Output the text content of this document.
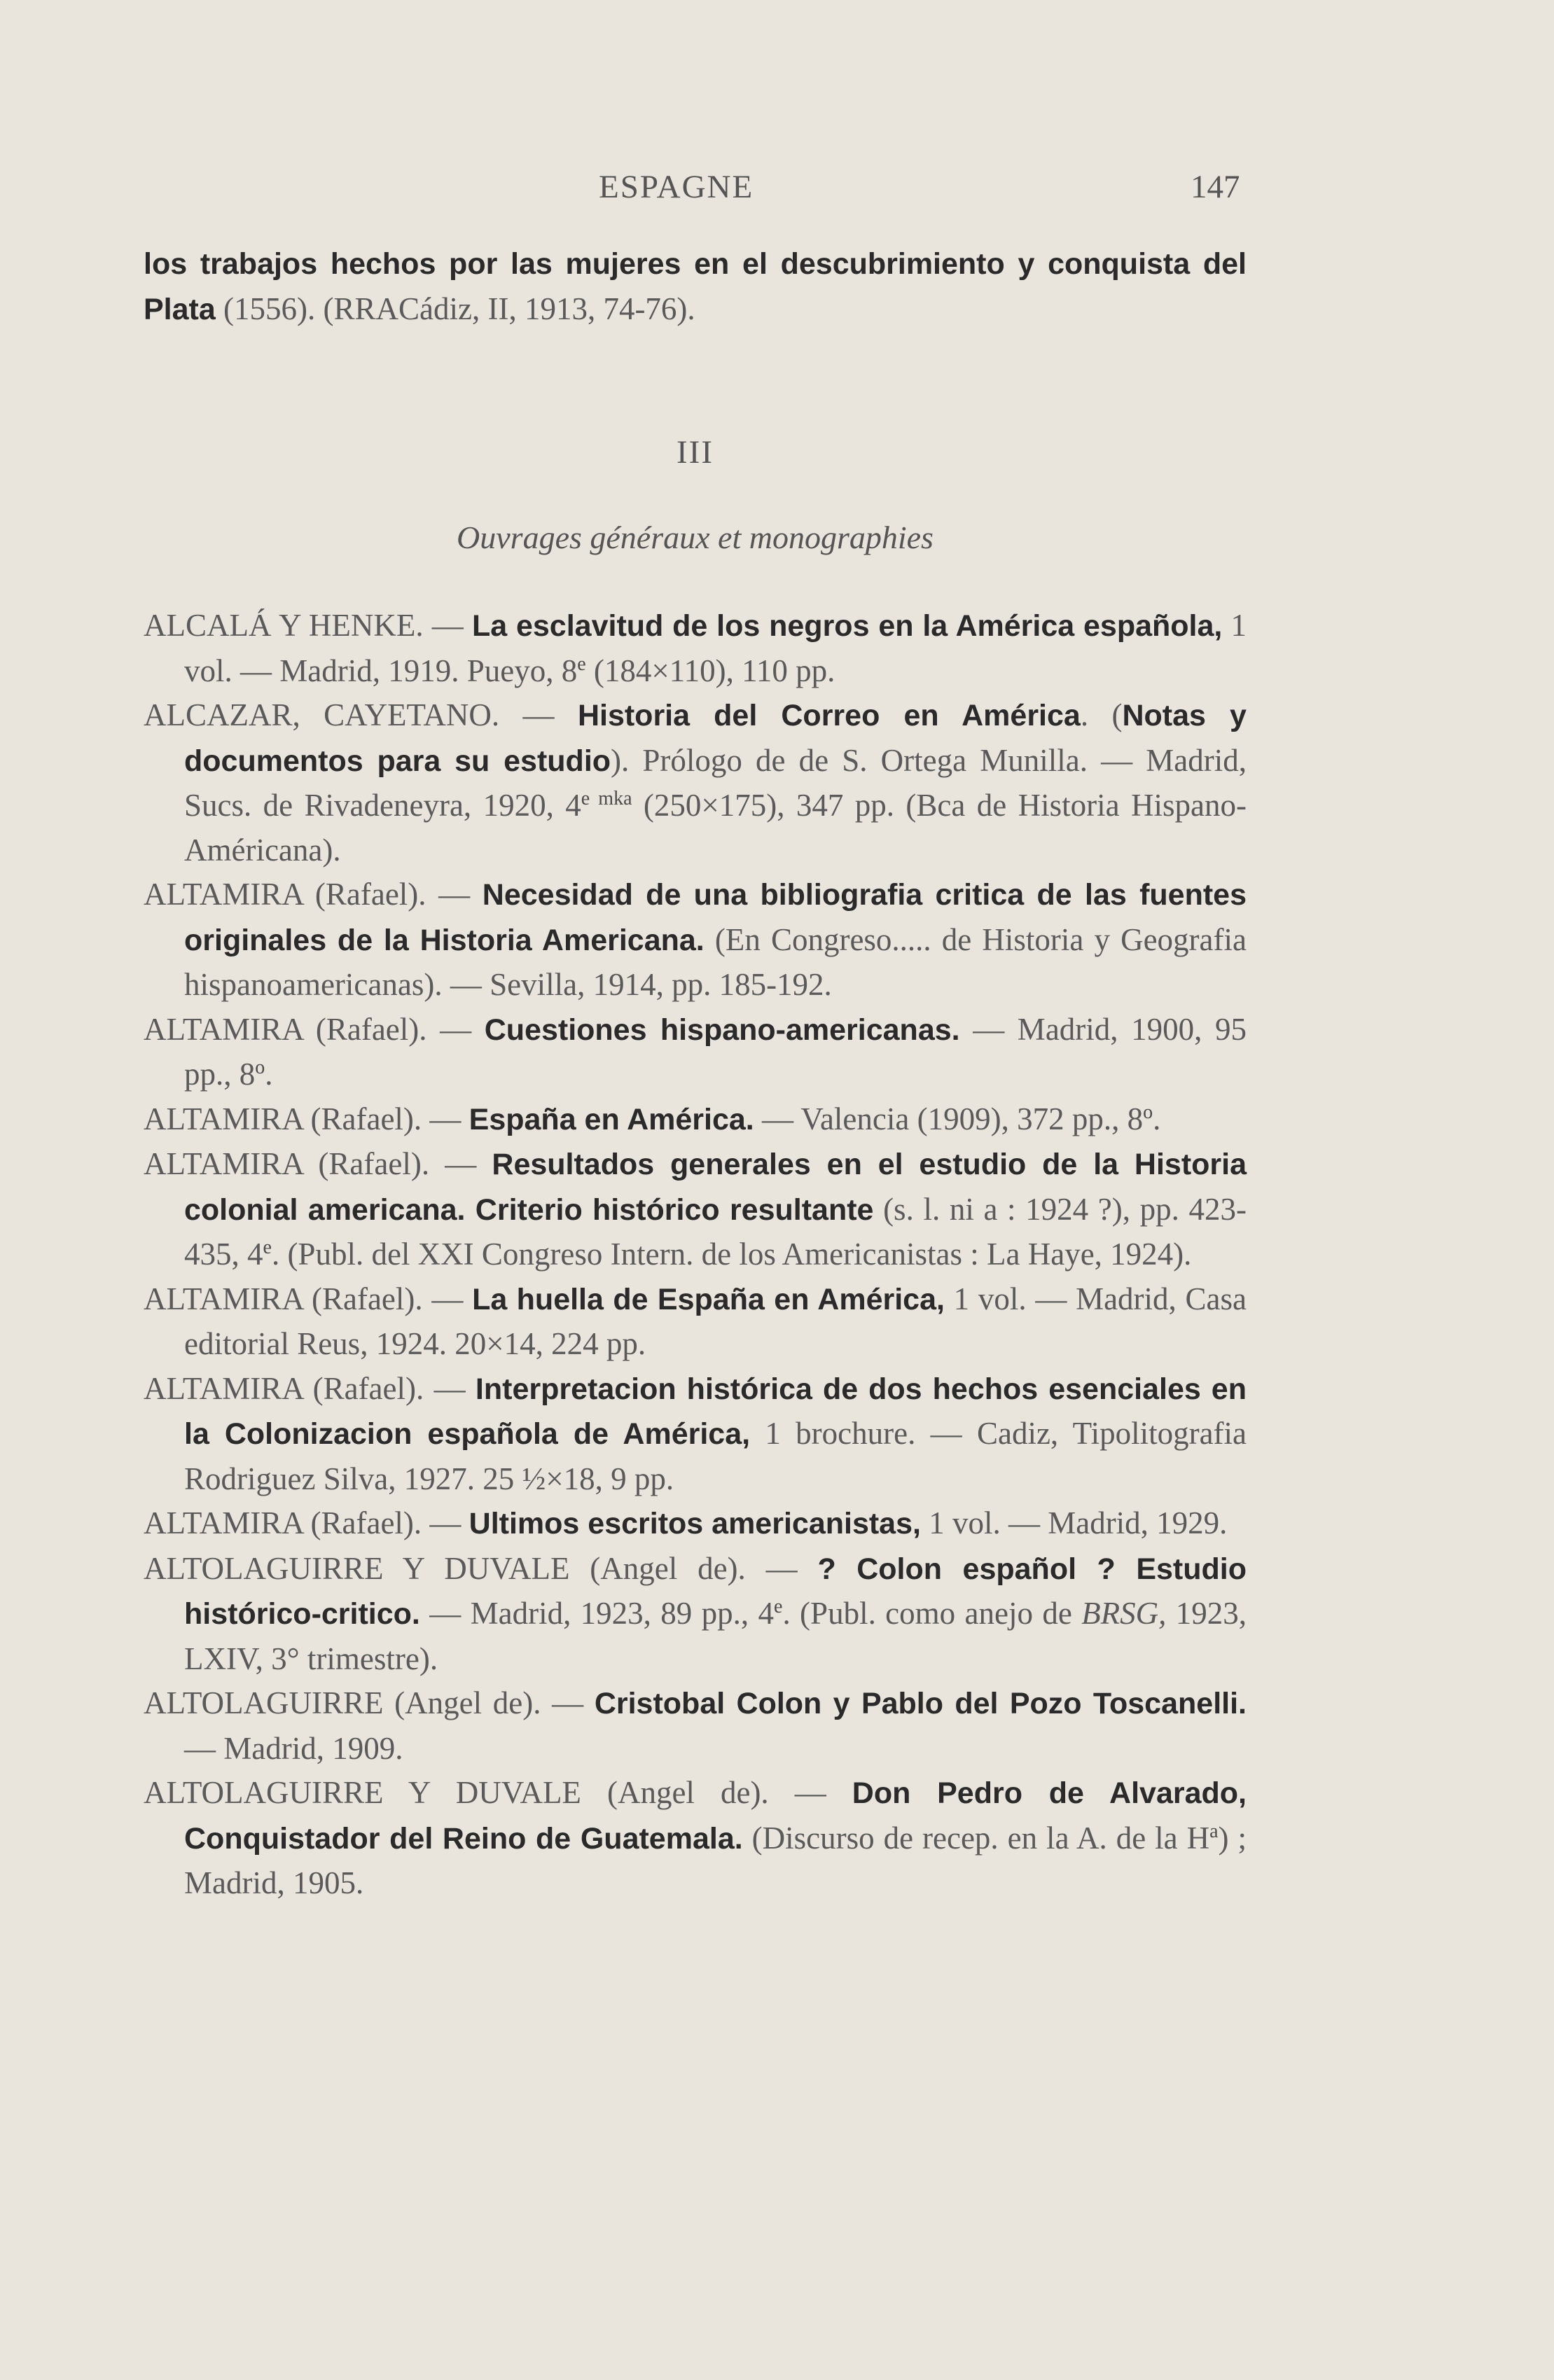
ESPAGNE	147

los trabajos hechos por las mujeres en el descubrimiento y conquista del Plata (1556). (RRACádiz, II, 1913, 74-76).

III

Ouvrages généraux et monographies

ALCALÁ Y HENKE. — La esclavitud de los negros en la América española, 1 vol. — Madrid, 1919. Pueyo, 8e (184×110), 110 pp.

ALCAZAR, CAYETANO. — Historia del Correo en América. (Notas y documentos para su estudio). Prólogo de de S. Ortega Munilla. — Madrid, Sucs. de Rivadeneyra, 1920, $4^{e mka}$ (250×175), 347 pp. (Bca de Historia Hispano-Américana).

ALTAMIRA (Rafael). — Necesidad de una bibliografia critica de las fuentes originales de la Historia Americana. (En Congreso..... de Historia y Geografia hispanoamericanas). — Sevilla, 1914, pp. 185-192.

ALTAMIRA (Rafael). — Cuestiones hispano-americanas. — Madrid, 1900, 95 pp., 8$^o$.

ALTAMIRA (Rafael). — España en América. — Valencia (1909), 372 pp., 8$^o$.

ALTAMIRA (Rafael). — Resultados generales en el estudio de la Historia colonial americana. Criterio histórico resultante (s. l. ni a : 1924 ?), pp. 423-435, 4e. (Publ. del XXI Congreso Intern. de los Americanistas : La Haye, 1924).

ALTAMIRA (Rafael). — La huella de España en América, 1 vol. — Madrid, Casa editorial Reus, 1924. 20×14, 224 pp.

ALTAMIRA (Rafael). — Interpretacion histórica de dos hechos esenciales en la Colonizacion española de América, 1 brochure. — Cadiz, Tipolitografia Rodriguez Silva, 1927. 25 ½×18, 9 pp.

ALTAMIRA (Rafael). — Ultimos escritos americanistas, 1 vol. — Madrid, 1929.

ALTOLAGUIRRE Y DUVALE (Angel de). — ? Colon español ? Estudio histórico-critico. — Madrid, 1923, 89 pp., 4e. (Publ. como anejo de BRSG, 1923, LXIV, 3° trimestre).

ALTOLAGUIRRE (Angel de). — Cristobal Colon y Pablo del Pozo Toscanelli. — Madrid, 1909.

ALTOLAGUIRRE Y DUVALE (Angel de). — Don Pedro de Alvarado, Conquistador del Reino de Guatemala. (Discurso de recep. en la A. de la $H^a$) ; Madrid, 1905.
